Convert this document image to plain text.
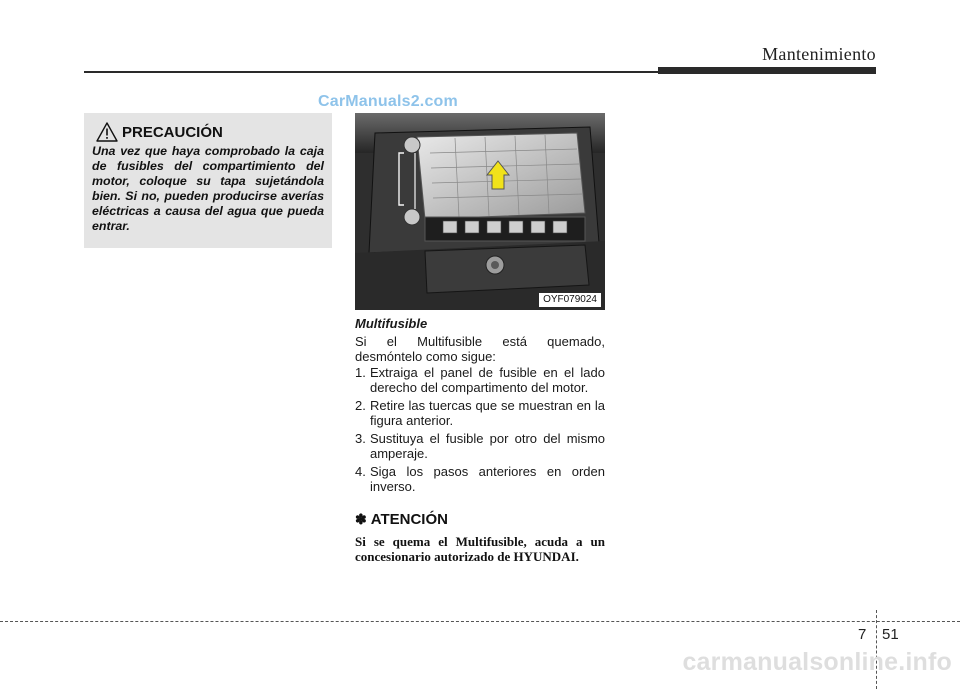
Mantenimiento
CarManuals2.com
PRECAUCIÓN
Una vez que haya comprobado la caja de fusibles del compartimiento del motor, coloque su tapa sujetándola bien. Si no, pueden producirse averías eléctricas a causa del agua que pueda entrar.
OYF079024
Multifusible
Si el Multifusible está quemado,
desmóntelo como sigue:
1. Extraiga el panel de fusible en el lado derecho del compartimento del motor.
2. Retire las tuercas que se muestran en la figura anterior.
3. Sustituya el fusible por otro del mismo amperaje.
4. Siga los pasos anteriores en orden inverso.
✽ ATENCIÓN
Si se quema el Multifusible, acuda a un concesionario autorizado de HYUNDAI.
7 51
carmanualsonline.info
